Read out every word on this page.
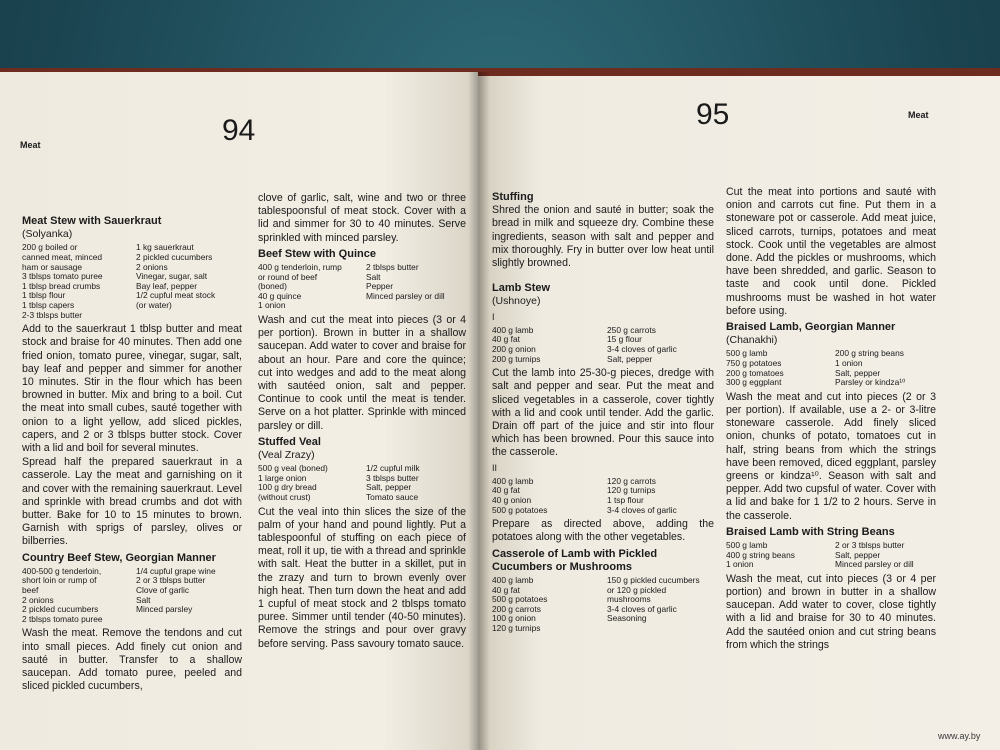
Meat	94
Meat Stew with Sauerkraut
(Solyanka)
200 g boiled or	1 kg sauerkraut
canned meat, minced	2 pickled cucumbers
ham or sausage	2 onions
3 tblsps tomato puree	Vinegar, sugar, salt
1 tblsp bread crumbs	Bay leaf, pepper
1 tblsp flour	1/2 cupful meat stock
1 tblsp capers	(or water)
2-3 tblsps butter

Add to the sauerkraut 1 tblsp butter and meat stock and braise for 40 minutes. Then add one fried onion, tomato puree, vinegar, sugar, salt, bay leaf and pepper and simmer for another 10 minutes. Stir in the flour which has been browned in butter. Mix and bring to a boil. Cut the meat into small cubes, sauté together with onion to a light yellow, add sliced pickles, capers, and 2 or 3 tblsps butter stock. Cover with a lid and boil for several minutes.

Spread half the prepared sauerkraut in a casserole. Lay the meat and garnishing on it and cover with the remaining sauerkraut. Level and sprinkle with bread crumbs and dot with butter. Bake for 10 to 15 minutes to brown. Garnish with sprigs of parsley, olives or bilberries.

Country Beef Stew, Georgian Manner
400-500 g tenderloin,	1/4 cupful grape wine
short loin or rump of	2 or 3 tblsps butter
beef	Clove of garlic
2 onions	Salt
2 pickled cucumbers	Minced parsley
2 tblsps tomato puree

Wash the meat. Remove the tendons and cut into small pieces. Add finely cut onion and sauté in butter. Transfer to a shallow saucepan. Add tomato puree, peeled and sliced pickled cucumbers,

clove of garlic, salt, wine and two or three tablespoonsful of meat stock. Cover with a lid and simmer for 30 to 40 minutes. Serve sprinkled with minced parsley.

Beef Stew with Quince
400 g tenderloin, rump	2 tblsps butter
or round of beef	Salt
(boned)	Pepper
40 g quince	Minced parsley or dill
1 onion

Wash and cut the meat into pieces (3 or 4 per portion). Brown in butter in a shallow saucepan. Add water to cover and braise for about an hour. Pare and core the quince; cut into wedges and add to the meat along with sautéed onion, salt and pepper. Continue to cook until the meat is tender. Serve on a hot platter. Sprinkle with minced parsley or dill.

Stuffed Veal
(Veal Zrazy)
500 g veal (boned)	1/2 cupful milk
1 large onion	3 tblsps butter
100 g dry bread	Salt, pepper
(without crust)	Tomato sauce

Cut the veal into thin slices the size of the palm of your hand and pound lightly. Put a tablespoonful of stuffing on each piece of meat, roll it up, tie with a thread and sprinkle with salt. Heat the butter in a skillet, put in the zrazy and turn to brown evenly over high heat. Then turn down the heat and add 1 cupful of meat stock and 2 tblsps tomato puree. Simmer until tender (40-50 minutes). Remove the strings and pour over gravy before serving. Pass savoury tomato sauce.

Meat
95
Stuffing

Shred the onion and sauté in butter; soak the bread in milk and squeeze dry. Combine these ingredients, season with salt and pepper and mix thoroughly. Fry in butter over low heat until slightly browned.

Lamb Stew
(Ushnoye)
I
400 g lamb	250 g carrots
40 g fat	15 g flour
200 g onion	3-4 cloves of garlic
200 g turnips	Salt, pepper

Cut the lamb into 25-30-g pieces, dredge with salt and pepper and sear. Put the meat and sliced vegetables in a casserole, cover tightly with a lid and cook until tender. Add the garlic. Drain off part of the juice and stir into flour which has been browned. Pour this sauce into the casserole.

II
400 g lamb	120 g carrots
40 g fat	120 g turnips
40 g onion	1 tsp flour
500 g potatoes	3-4 cloves of garlic

Prepare as directed above, adding the potatoes along with the other vegetables.

Casserole of Lamb with Pickled Cucumbers or Mushrooms
400 g lamb	150 g pickled cucumbers
40 g fat	or 120 g pickled
500 g potatoes	mushrooms
200 g carrots	3-4 cloves of garlic
100 g onion	Seasoning
120 g turnips

Cut the meat into portions and sauté with onion and carrots cut fine. Put them in a stoneware pot or casserole. Add meat juice, sliced carrots, turnips, potatoes and meat stock. Cook until the vegetables are almost done. Add the pickles or mushrooms, which have been shredded, and garlic. Season to taste and cook until done. Pickled mushrooms must be washed in hot water before using.

Braised Lamb, Georgian Manner
(Chanakhi)
500 g lamb	200 g string beans
750 g potatoes	1 onion
200 g tomatoes	Salt, pepper
300 g eggplant	Parsley or kindza¹⁰

Wash the meat and cut into pieces (2 or 3 per portion). If available, use a 2- or 3-litre stoneware casserole. Add finely sliced onion, chunks of potato, tomatoes cut in half, string beans from which the strings have been removed, diced eggplant, parsley greens or kindza¹⁰. Season with salt and pepper. Add two cupsful of water. Cover with a lid and bake for 1 1/2 to 2 hours. Serve in the casserole.

Braised Lamb with String Beans
500 g lamb	2 or 3 tblsps butter
400 g string beans	Salt, pepper
1 onion	Minced parsley or dill

Wash the meat, cut into pieces (3 or 4 per portion) and brown in butter in a shallow saucepan. Add water to cover, close tightly with a lid and braise for 30 to 40 minutes. Add the sautéed onion and cut string beans from which the strings

www.ay.by
